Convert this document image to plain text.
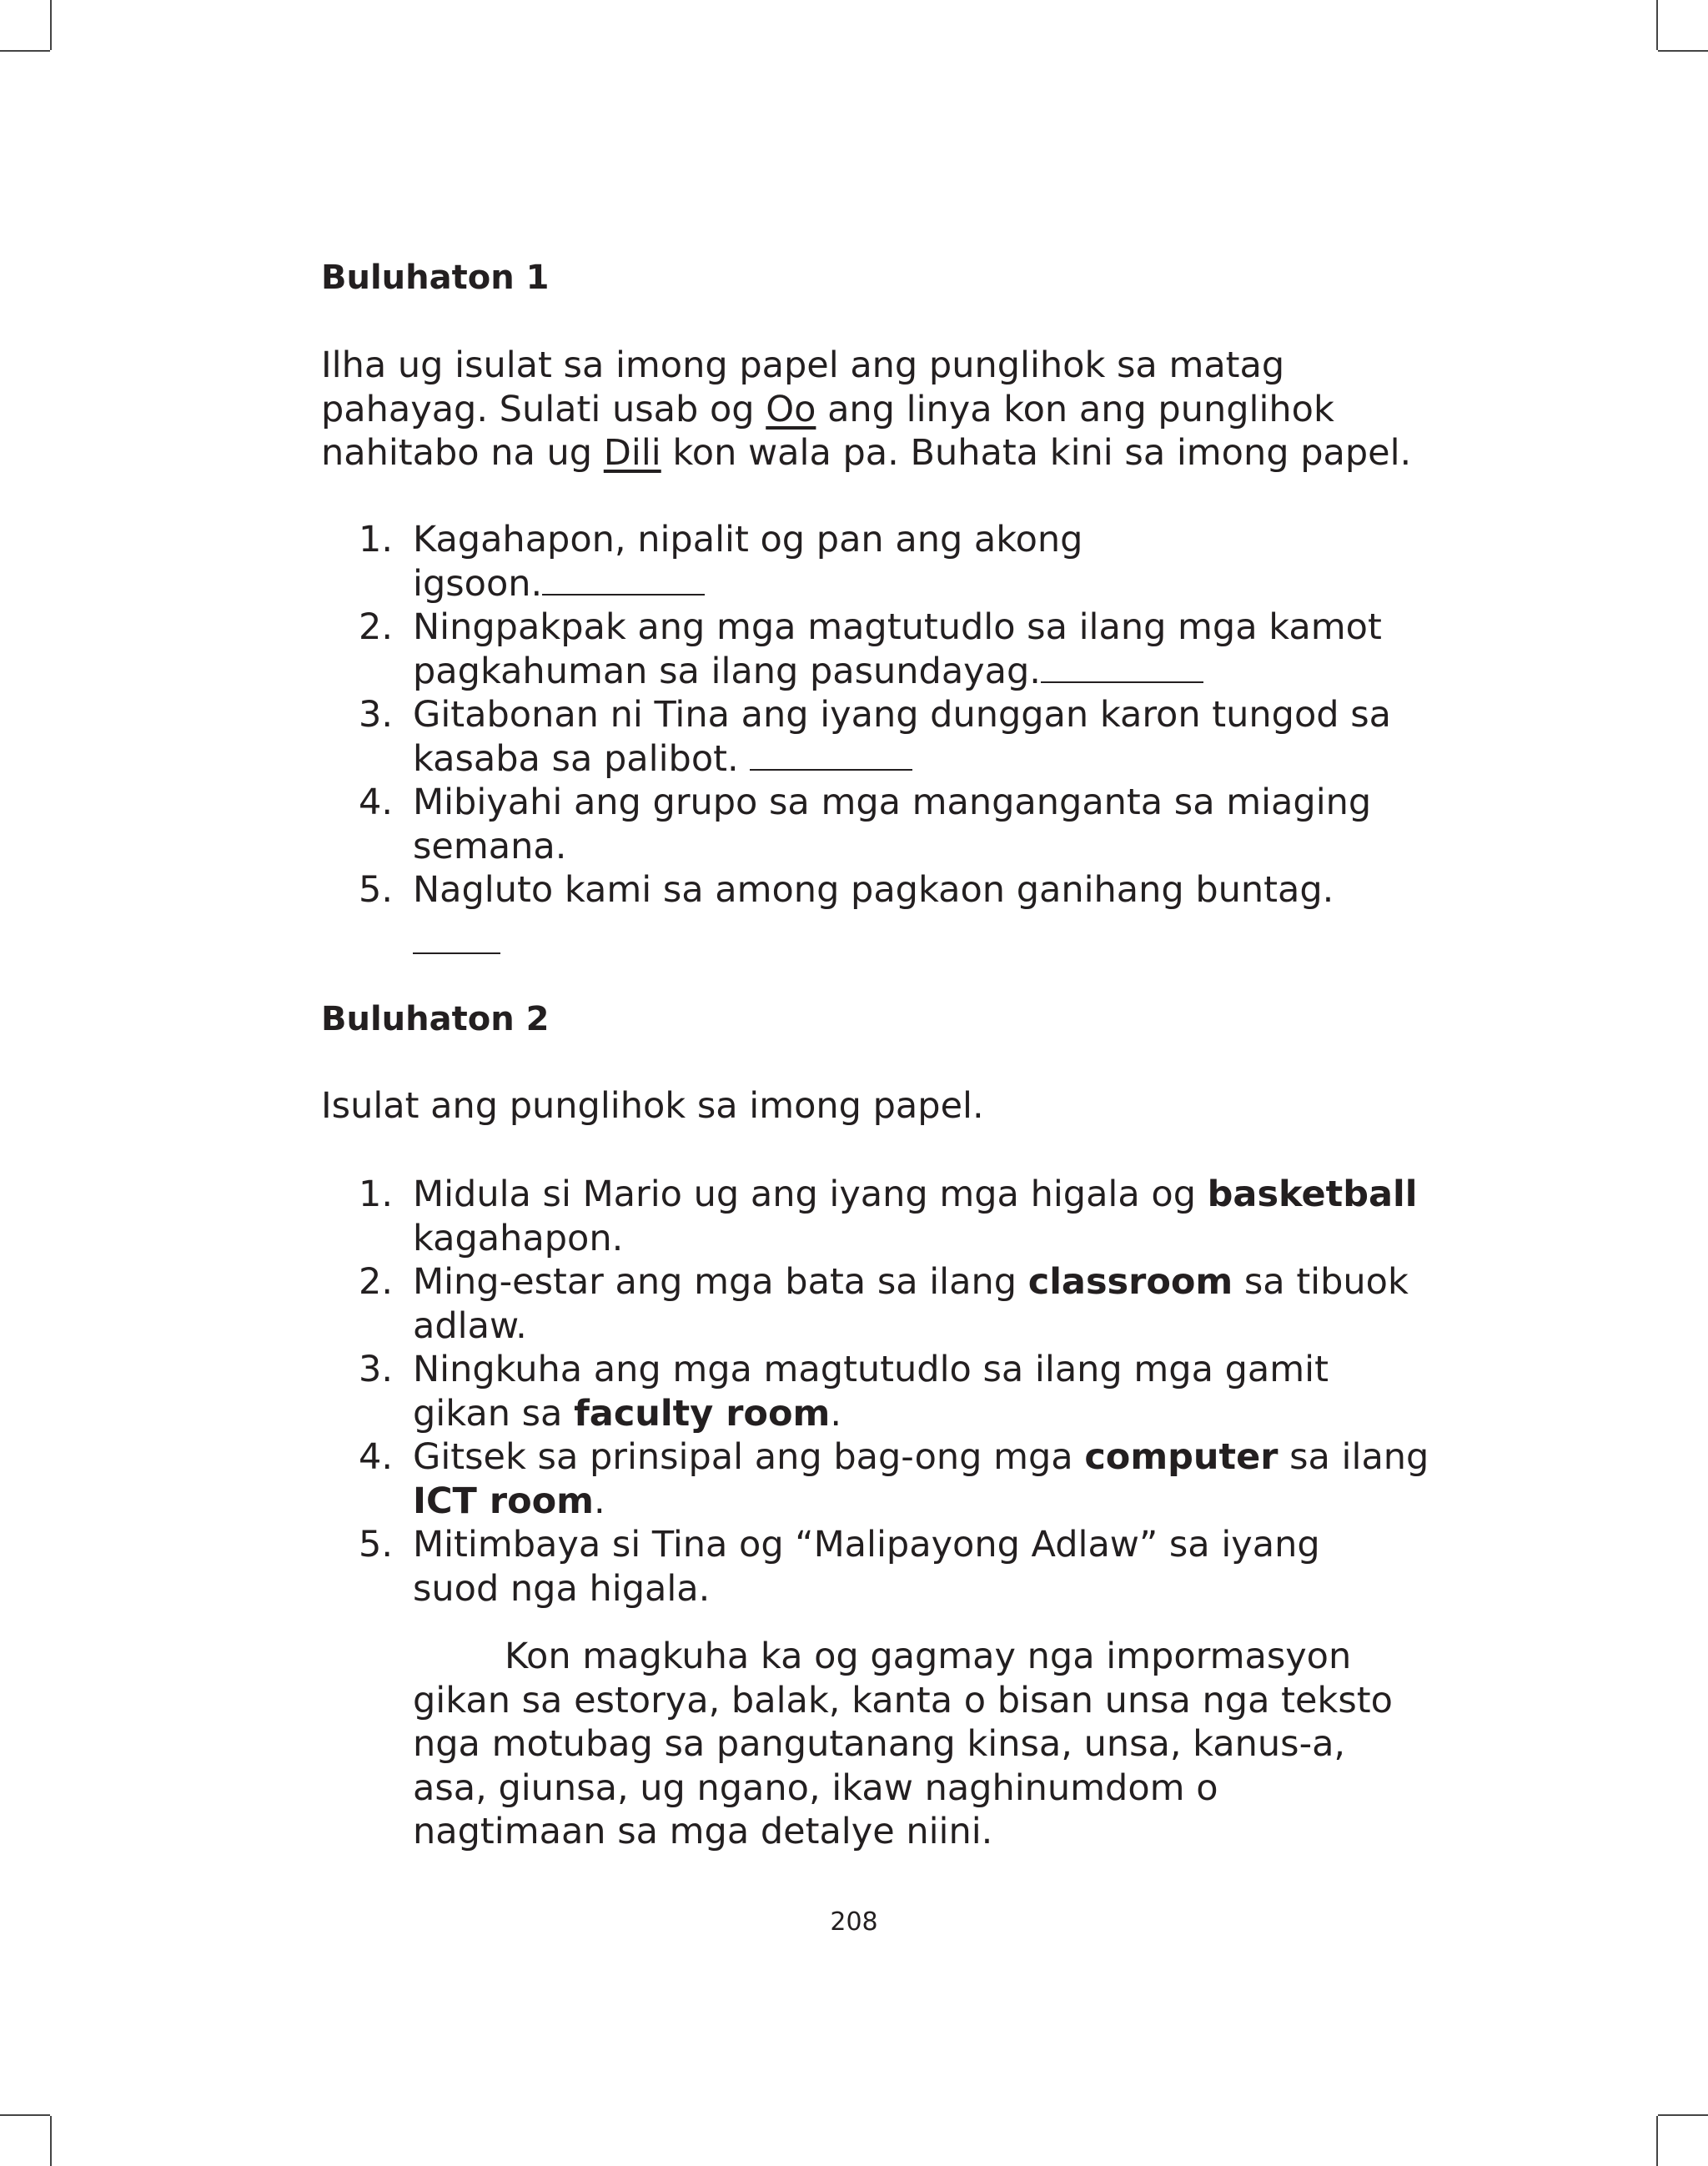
Buluhaton 1

Ilha ug isulat sa imong papel ang punglihok sa matag
pahayag. Sulati usab og Oo ang linya kon ang punglihok
nahitabo na ug Dili kon wala pa. Buhata kini sa imong papel.

1. Kagahapon, nipalit og pan ang akong
igsoon.
2. Ningpakpak ang mga magtutudlo sa ilang mga kamot
pagkahuman sa ilang pasundayag.
3. Gitabonan ni Tina ang iyang dunggan karon tungod sa
kasaba sa palibot.
4. Mibiyahi ang grupo sa mga manganganta sa miaging
semana.
5. Nagluto kami sa among pagkaon ganihang buntag.
Buluhaton 2

Isulat ang punglihok sa imong papel.

1. Midula si Mario ug ang iyang mga higala og basketball
kagahapon.
2. Ming-estar ang mga bata sa ilang classroom sa tibuok
adlaw.
3. Ningkuha ang mga magtutudlo sa ilang mga gamit
gikan sa faculty room.
4. Gitsek sa prinsipal ang bag-ong mga computer sa ilang
ICT room.
5. Mitimbaya si Tina og “Malipayong Adlaw” sa iyang
suod nga higala.

Kon magkuha ka og gagmay nga impormasyon
gikan sa estorya, balak, kanta o bisan unsa nga teksto
nga motubag sa pangutanang kinsa, unsa, kanus-a,
asa, giunsa, ug ngano, ikaw naghinumdom o
nagtimaan sa mga detalye niini.

208
